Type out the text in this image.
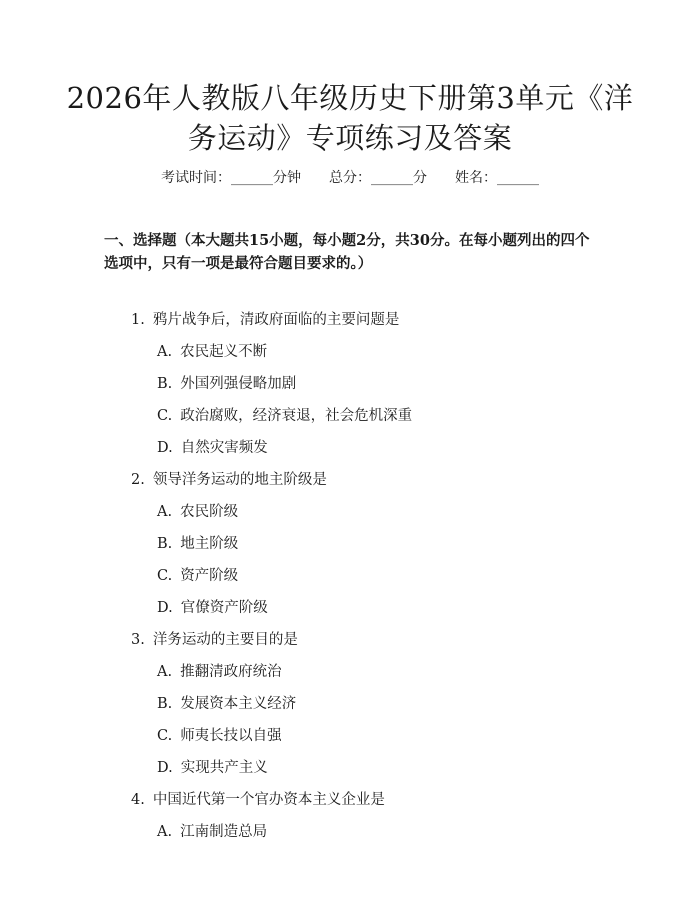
2026年人教版八年级历史下册第3单元《洋务运动》专项练习及答案
考试时间：______分钟 总分：______分 姓名：______

一、选择题（本大题共15小题，每小题2分，共30分。在每小题列出的四个选项中，只有一项是最符合题目要求的。）

1. 鸦片战争后，清政府面临的主要问题是

A. 农民起义不断

B. 外国列强侵略加剧

C. 政治腐败，经济衰退，社会危机深重

D. 自然灾害频发

2. 领导洋务运动的地主阶级是

A. 农民阶级

B. 地主阶级

C. 资产阶级

D. 官僚资产阶级

3. 洋务运动的主要目的是

A. 推翻清政府统治

B. 发展资本主义经济

C. 师夷长技以自强

D. 实现共产主义

4. 中国近代第一个官办资本主义企业是

A. 江南制造总局
